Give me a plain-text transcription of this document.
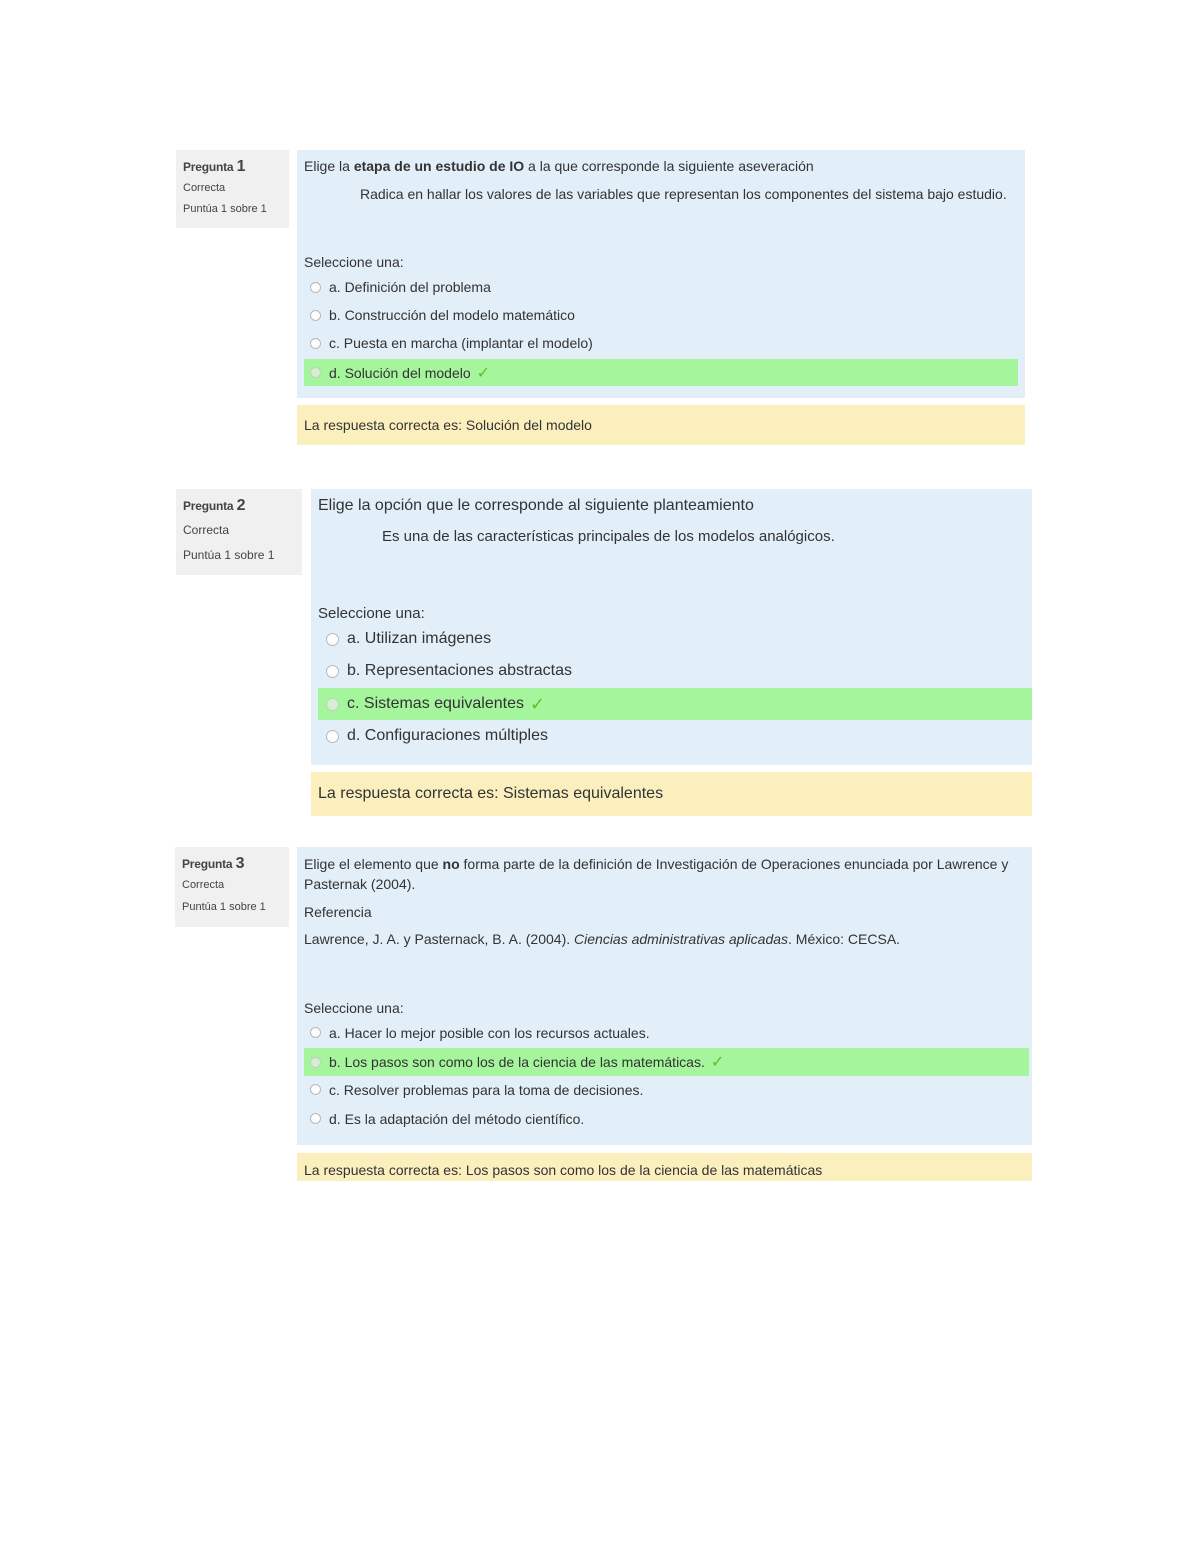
Pregunta 1
Correcta
Puntúa 1 sobre 1
Elige la etapa de un estudio de IO a la que corresponde la siguiente aseveración
Radica en hallar los valores de las variables que representan los componentes del sistema bajo estudio.
Seleccione una:
a. Definición del problema
b. Construcción del modelo matemático
c. Puesta en marcha (implantar el modelo)
d. Solución del modelo ✓
La respuesta correcta es: Solución del modelo
Pregunta 2
Correcta
Puntúa 1 sobre 1
Elige la opción que le corresponde al siguiente planteamiento
Es una de las características principales de los modelos analógicos.
Seleccione una:
a. Utilizan imágenes
b. Representaciones abstractas
c. Sistemas equivalentes ✓
d. Configuraciones múltiples
La respuesta correcta es: Sistemas equivalentes
Pregunta 3
Correcta
Puntúa 1 sobre 1
Elige el elemento que no forma parte de la definición de Investigación de Operaciones enunciada por Lawrence y Pasternak (2004).
Referencia
Lawrence, J. A. y Pasternack, B. A. (2004). Ciencias administrativas aplicadas. México: CECSA.
Seleccione una:
a. Hacer lo mejor posible con los recursos actuales.
b. Los pasos son como los de la ciencia de las matemáticas. ✓
c. Resolver problemas para la toma de decisiones.
d. Es la adaptación del método científico.
La respuesta correcta es: Los pasos son como los de la ciencia de las matemáticas
